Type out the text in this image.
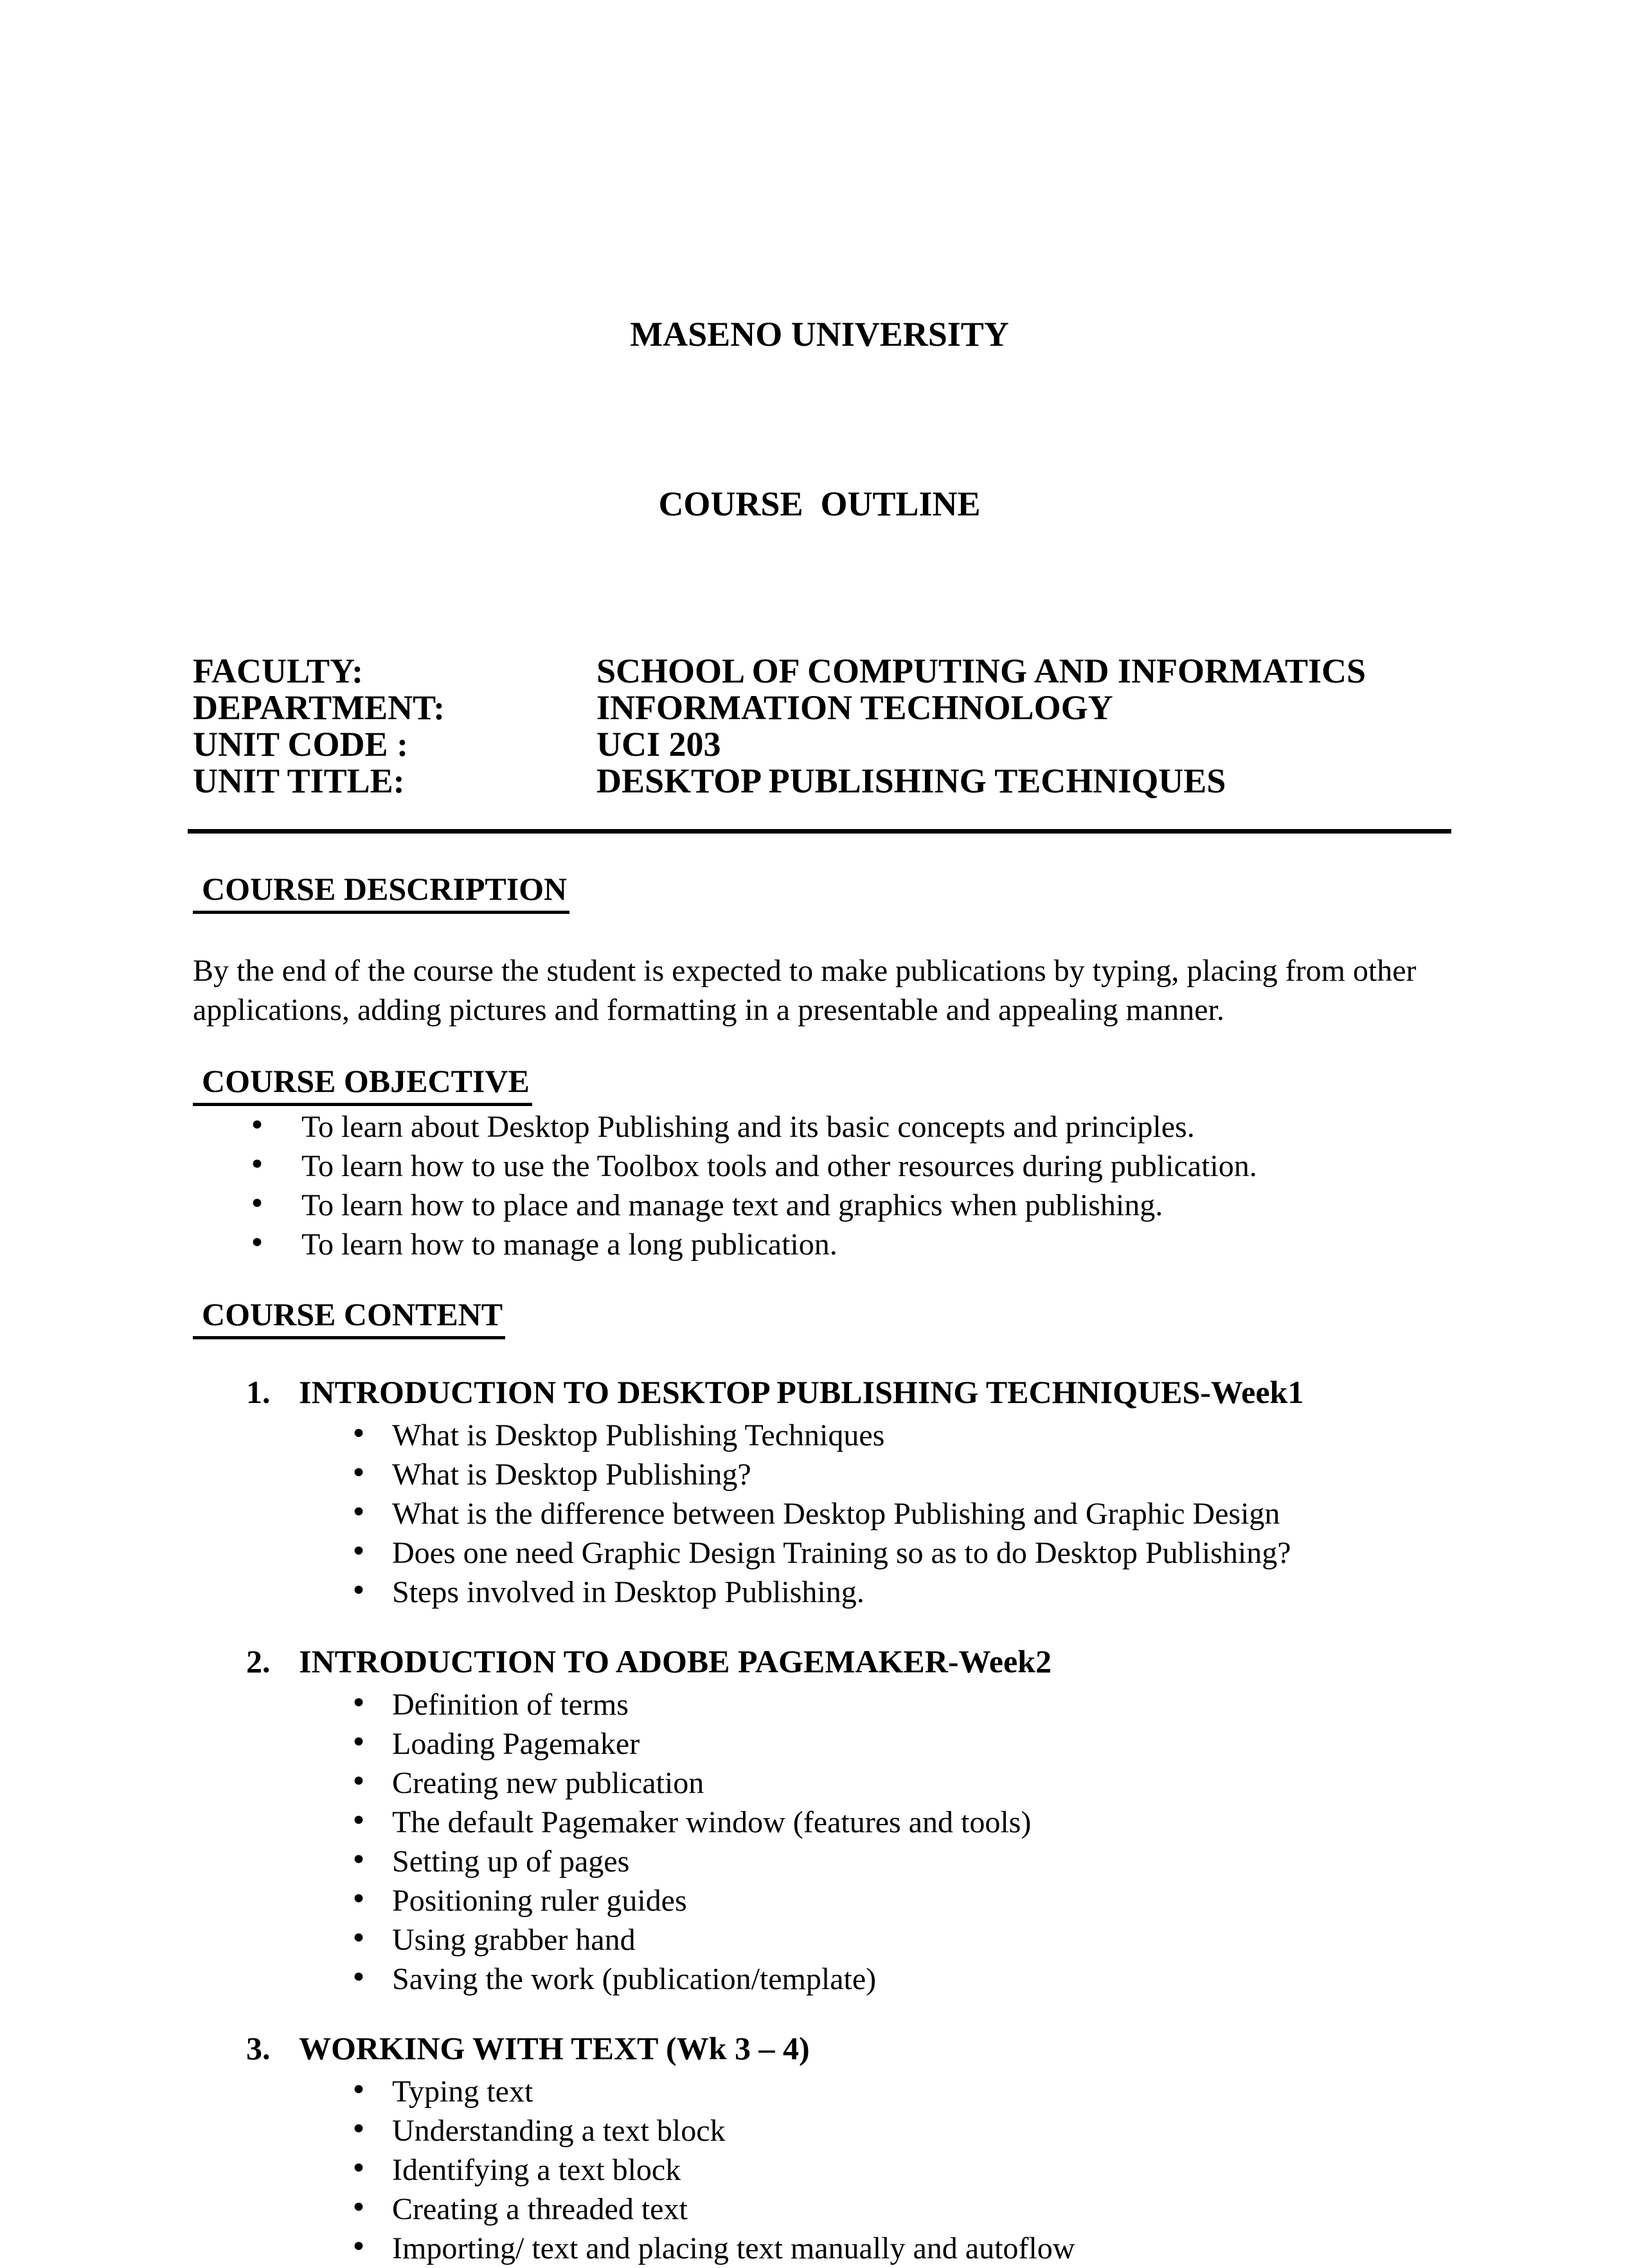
MASENO UNIVERSITY

COURSE  OUTLINE

FACULTY:	SCHOOL OF COMPUTING AND INFORMATICS
DEPARTMENT:	INFORMATION TECHNOLOGY
UNIT CODE :	UCI 203
UNIT TITLE:	DESKTOP PUBLISHING TECHNIQUES
COURSE DESCRIPTION

By the end of the course the student is expected to make publications by typing, placing from other applications, adding pictures and formatting in a presentable and appealing manner.

COURSE OBJECTIVE
• To learn about Desktop Publishing and its basic concepts and principles.
• To learn how to use the Toolbox tools and other resources during publication.
• To learn how to place and manage text and graphics when publishing.
• To learn how to manage a long publication.
COURSE CONTENT
1. INTRODUCTION TO DESKTOP PUBLISHING TECHNIQUES-Week1
• What is Desktop Publishing Techniques
• What is Desktop Publishing?
• What is the difference between Desktop Publishing and Graphic Design
• Does one need Graphic Design Training so as to do Desktop Publishing?
• Steps involved in Desktop Publishing.
2. INTRODUCTION TO ADOBE PAGEMAKER-Week2
• Definition of terms
• Loading Pagemaker
• Creating new publication
• The default Pagemaker window (features and tools)
• Setting up of pages
• Positioning ruler guides
• Using grabber hand
• Saving the work (publication/template)
3. WORKING WITH TEXT (Wk 3 – 4)
• Typing text
• Understanding a text block
• Identifying a text block
• Creating a threaded text
• Importing/ text and placing text manually and autoflow
